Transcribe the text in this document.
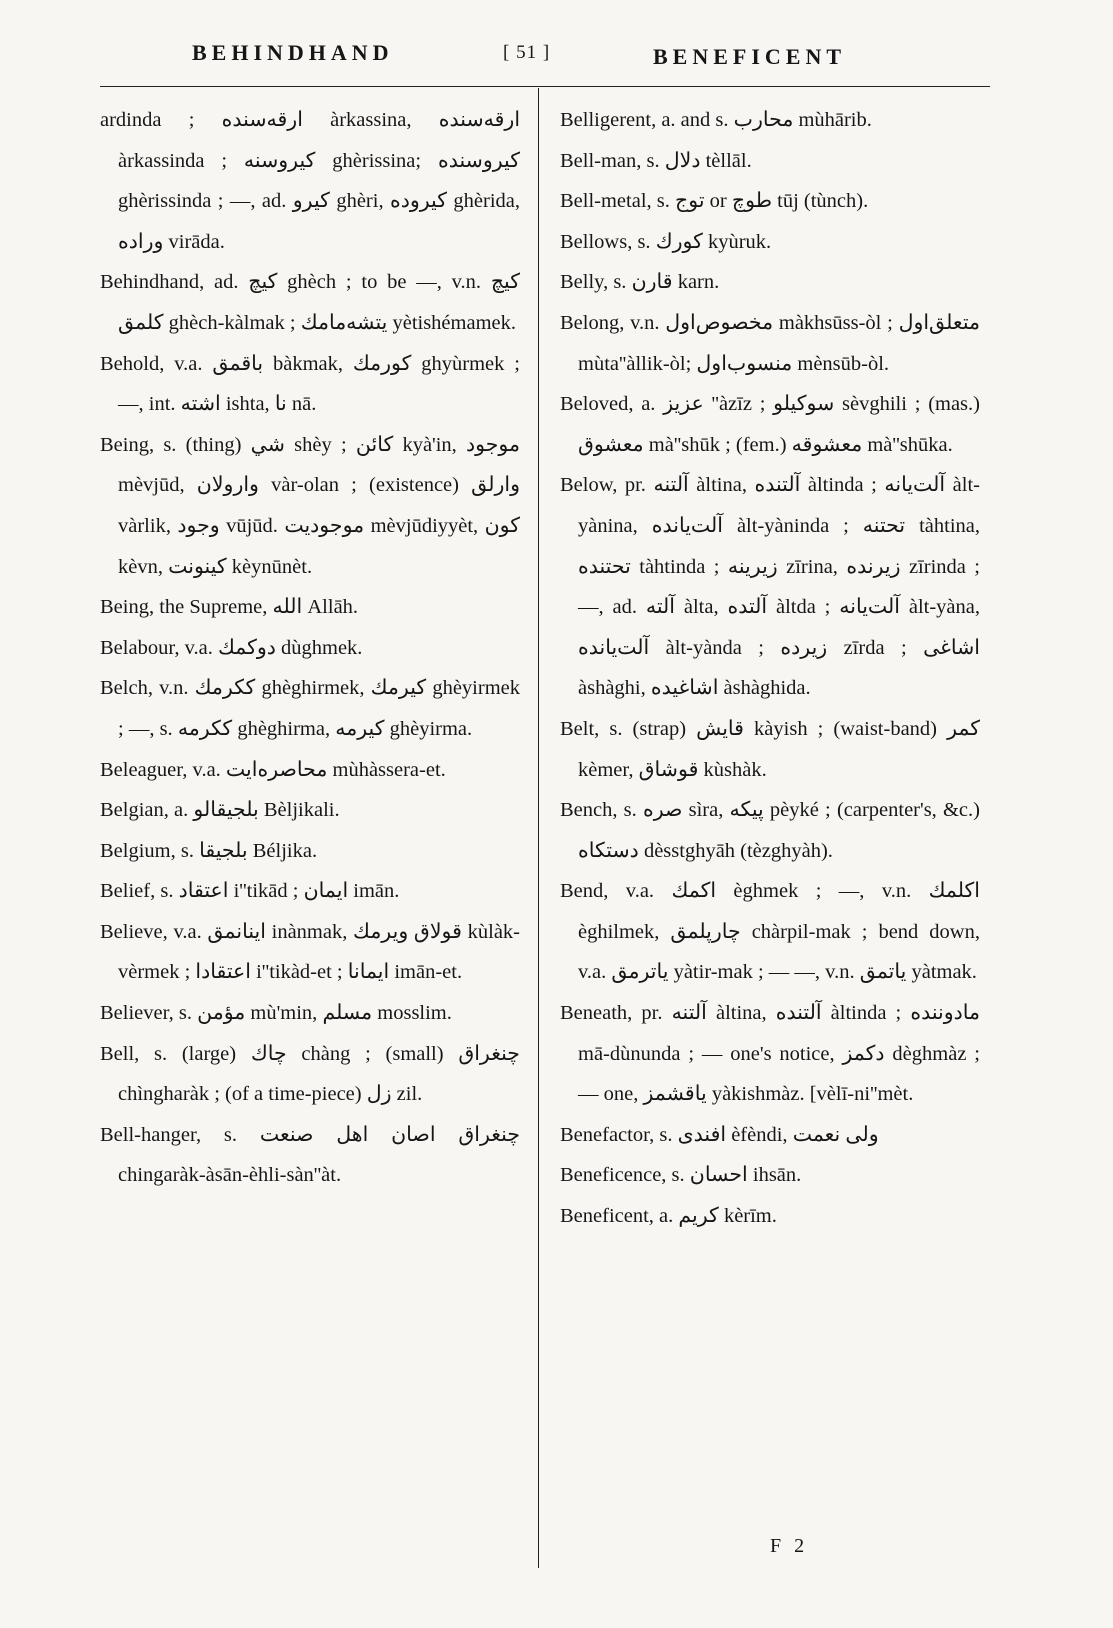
BEHINDHAND	[ 51 ]	BENEFICENT
ardinda ; ارقەسندە àrkassina, ارقەسندە àrkassinda ; كيروسنە ghèrissina; كيروسندە ghèrissinda ; —, ad. كيرو ghèri, كيرودە ghèrida, ورادە virāda.
Behindhand, ad. كيچ ghèch ; to be —, v.n. كيچ كلمق ghèch-kàlmak ; يتشەمامك yètishémamek.
Behold, v.a. باقمق bàkmak, كورمك ghyùrmek ; —, int. اشتە ishta, نا nā.
Being, s. (thing) شي shèy ; كائن kyà'in, موجود mèvjūd, وارولان vàr-olan ; (existence) وارلق vàrlik, وجود vūjūd. موجوديت mèvjūdiyyèt, كون kèvn, كينونت kèynūnèt.
Being, the Supreme, الله Allāh.
Belabour, v.a. دوكمك dùghmek.
Belch, v.n. ككرمك ghèghirmek, كيرمك ghèyirmek ; —, s. ككرمه ghèghirma, كيرمه ghèyirma.
Beleaguer, v.a. محاصره‌ايت mùhàssera-et.
Belgian, a. بلجيقالو Bèljikali.
Belgium, s. بلجيقا Béljika.
Belief, s. اعتقاد i''tikād ; ايمان imān.
Believe, v.a. اينانمق inànmak, قولاق ويرمك kùlàk-vèrmek ; اعتقادا i''tikàd-et ; ايمانا imān-et.
Believer, s. مؤمن mù'min, مسلم mosslim.
Bell, s. (large) چاك chàng ; (small) چنغراق chìngharàk ; (of a time-piece) زل zil.
Bell-hanger, s. چنغراق اصان اهل صنعت chingaràk-àsān-èhli-sàn''àt.
Belligerent, a. and s. محارب mùhārib.
Bell-man, s. دلال tèllāl.
Bell-metal, s. توج or طوچ tūj (tùnch).
Bellows, s. كورك kyùruk.
Belly, s. قارن karn.
Belong, v.n. مخصوص‌اول màkhsūss-òl ; متعلق‌اول mùta''àllik-òl; منسوب‌اول mènsūb-òl.
Beloved, a. عزيز ''àzīz ; سوكيلو sèvghili ; (mas.) معشوق mà''shūk ; (fem.) معشوقه mà''shūka.
Below, pr. آلتنه àltina, آلتندە àltinda ; آلت‌يانه àlt-yànina, آلت‌ياندە àlt-yàninda ; تحتنه tàhtina, تحتندە tàhtinda ; زيرينه zīrina, زيرندە zīrinda ; —, ad. آلته àlta, آلتدە àltda ; آلت‌يانه àlt-yàna, آلت‌ياندە àlt-yànda ; زيردە zīrda ; اشاغى àshàghi, اشاغيدە àshàghida.
Belt, s. (strap) قايش kàyish ; (waist-band) كمر kèmer, قوشاق kùshàk.
Bench, s. صره sìra, پيكه pèyké ; (carpenter's, &c.) دستكاه dèsstghyāh (tèzghyàh).
Bend, v.a. اكمك èghmek ; —, v.n. اكلمك èghilmek, چارپلمق chàrpil-mak ; bend down, v.a. ياترمق yàtir-mak ; — —, v.n. ياتمق yàtmak.
Beneath, pr. آلتنه àltina, آلتندە àltinda ; مادوننده mā-dùnunda ; — one's notice, دكمز dèghmàz ; — one, ياقشمز yàkishmàz. [vèlī-ni''mèt.
Benefactor, s. افندى èfèndi, ولى نعمت
Beneficence, s. احسان ihsān.
Beneficent, a. كريم kèrīm.
F 2
